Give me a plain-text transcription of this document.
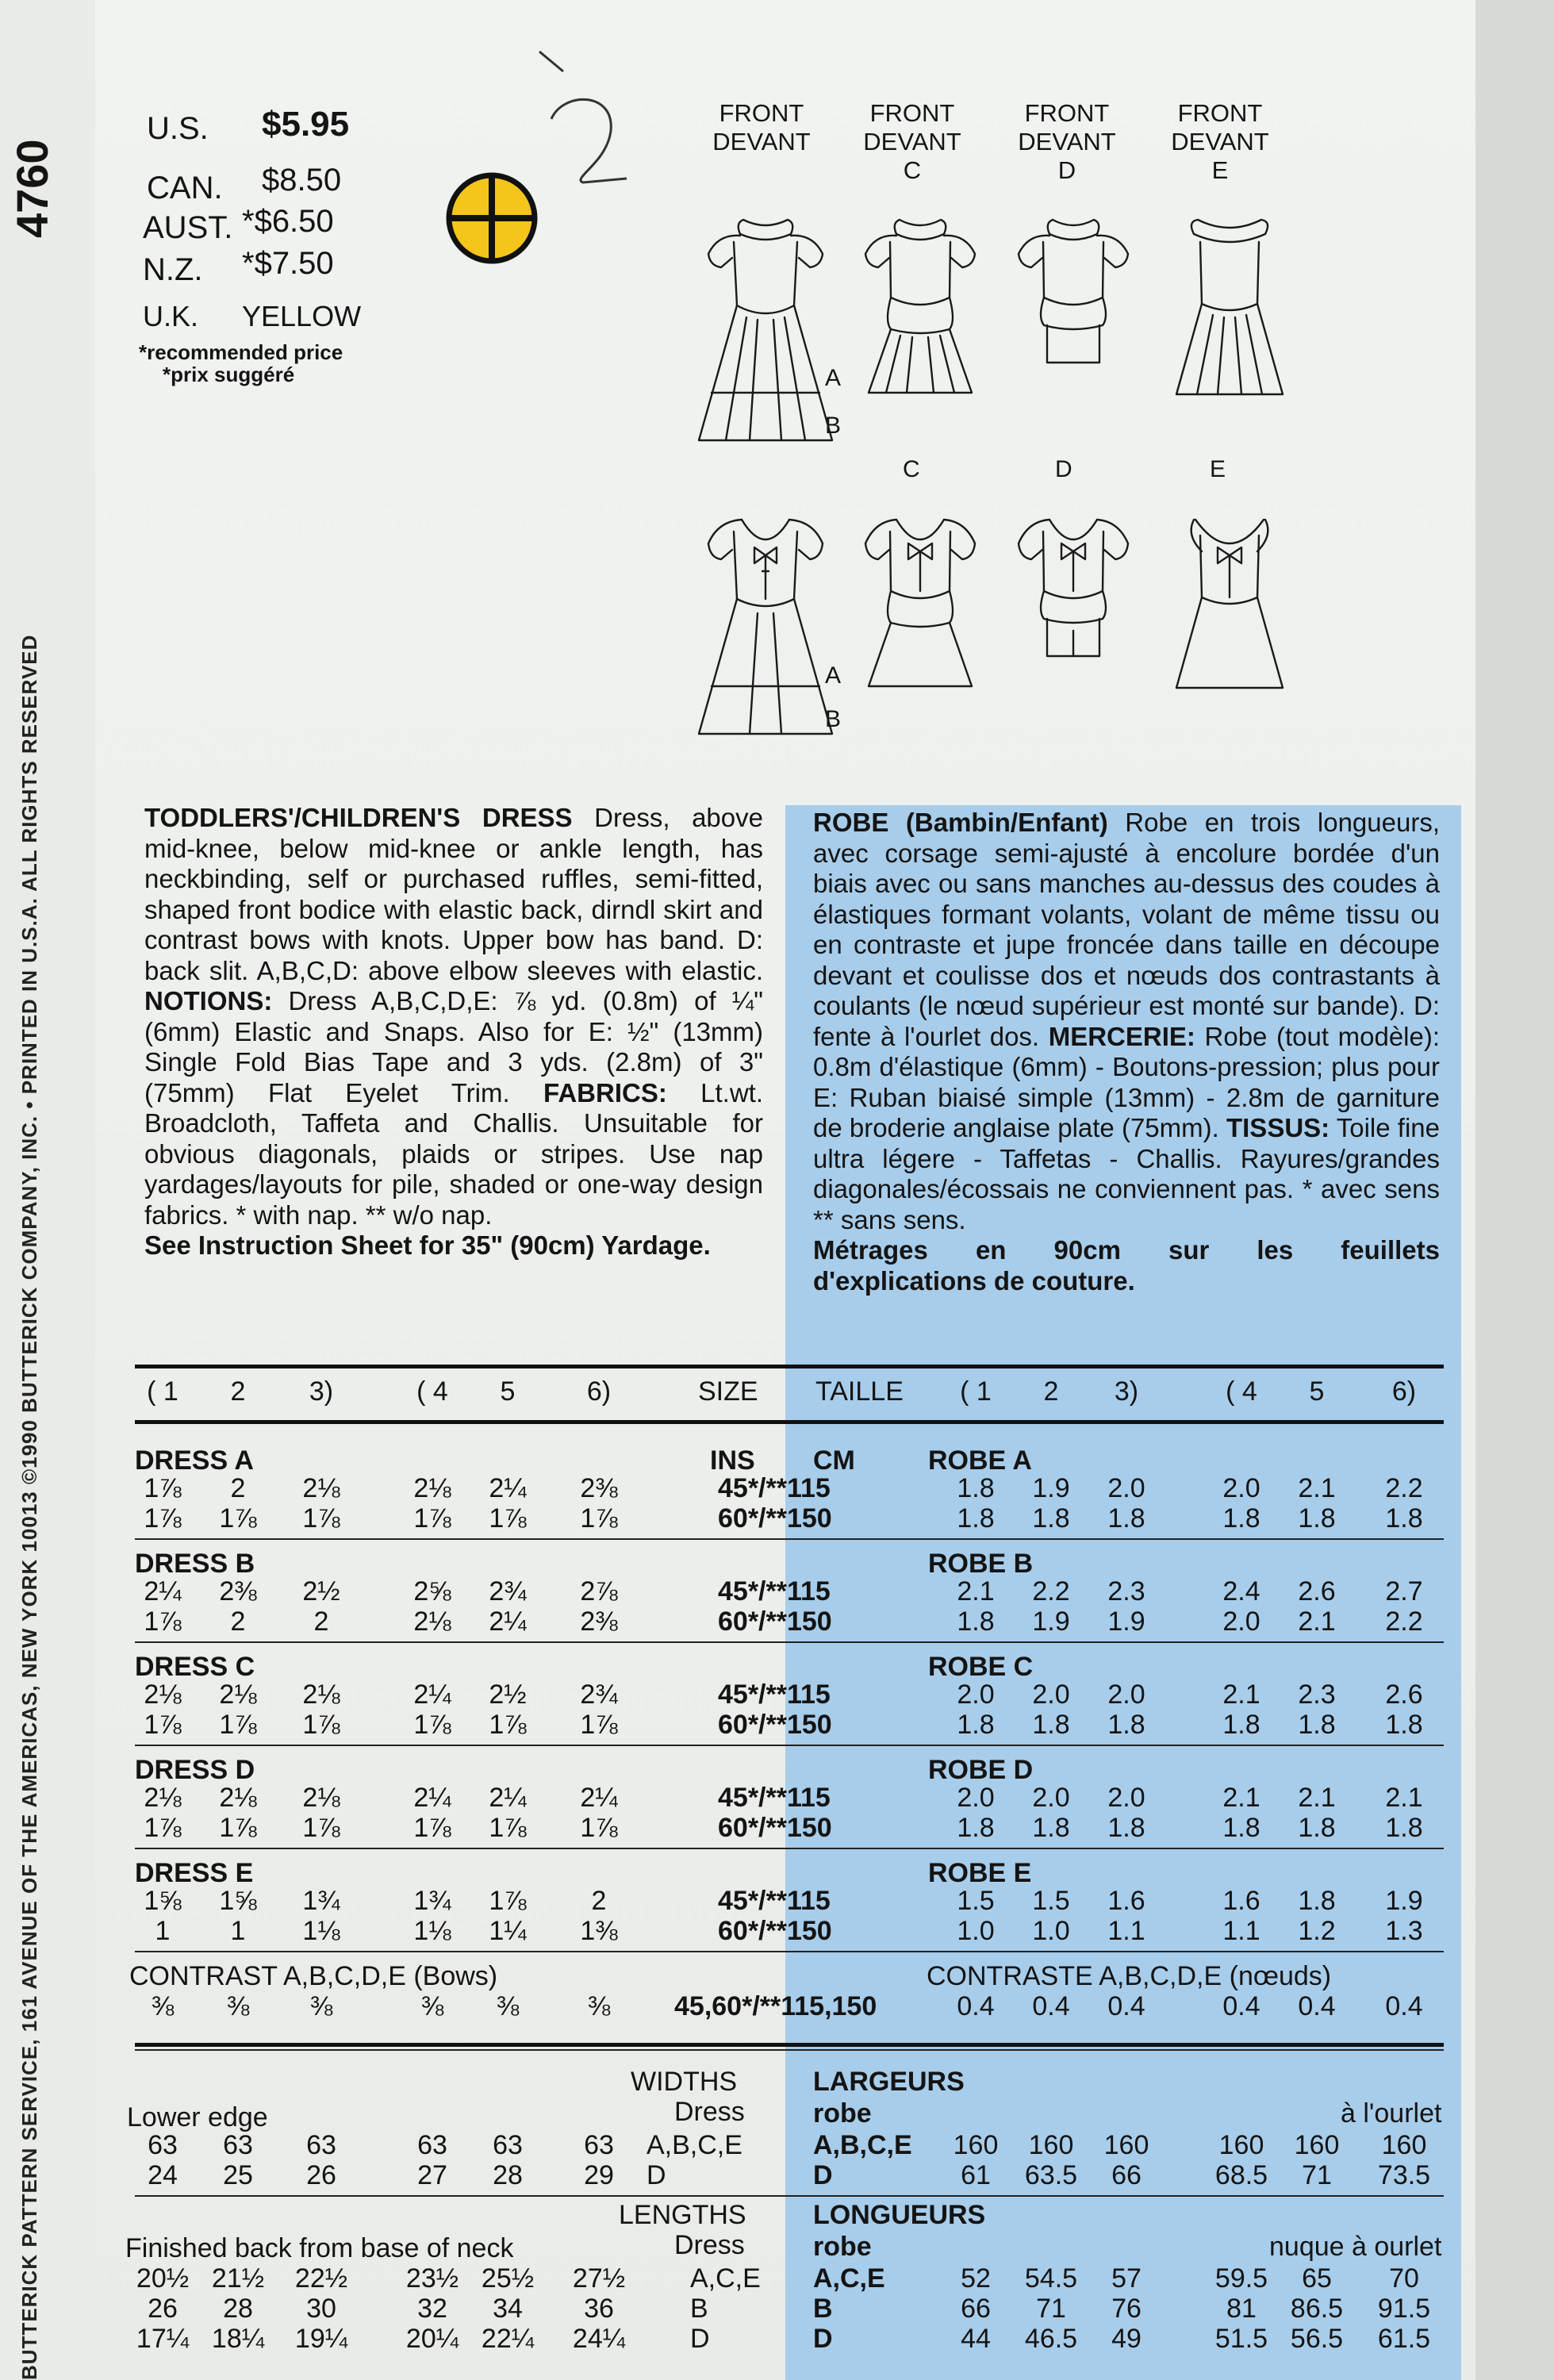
4760
BUTTERICK PATTERN SERVICE, 161 AVENUE OF THE AMERICAS, NEW YORK 10013 ©1990 BUTTERICK COMPANY, INC. • PRINTED IN U.S.A. ALL RIGHTS RESERVED
U.S. $5.95
CAN. $8.50
AUST. *$6.50
N.Z. *$7.50
U.K. YELLOW
*recommended price
*prix suggéré
FRONT
DEVANT
FRONT
DEVANT
C
FRONT
DEVANT
D
FRONT
DEVANT
E
A
B
C	D	E
A
B
TODDLERS'/CHILDREN'S DRESS Dress, above mid-knee, below mid-knee or ankle length, has neckbinding, self or purchased ruffles, semi-fitted, shaped front bodice with elastic back, dirndl skirt and contrast bows with knots. Upper bow has band. D: back slit. A,B,C,D: above elbow sleeves with elastic. NOTIONS: Dress A,B,C,D,E: ⅞ yd. (0.8m) of ¼" (6mm) Elastic and Snaps. Also for E: ½" (13mm) Single Fold Bias Tape and 3 yds. (2.8m) of 3" (75mm) Flat Eyelet Trim. FABRICS: Lt.wt. Broadcloth, Taffeta and Challis. Unsuitable for obvious diagonals, plaids or stripes. Use nap yardages/layouts for pile, shaded or one-way design fabrics. * with nap. ** w/o nap.
See Instruction Sheet for 35" (90cm) Yardage.
ROBE (Bambin/Enfant) Robe en trois longueurs, avec corsage semi-ajusté à encolure bordée d'un biais avec ou sans manches au-dessus des coudes à élastiques formant volants, volant de même tissu ou en contraste et jupe froncée dans taille en découpe devant et coulisse dos et nœuds dos contrastants à coulants (le nœud supérieur est monté sur bande). D: fente à l'ourlet dos. MERCERIE: Robe (tout modèle): 0.8m d'élastique (6mm) - Boutons-pression; plus pour E: Ruban biaisé simple (13mm) - 2.8m de garniture de broderie anglaise plate (75mm). TISSUS: Toile fine ultra légere - Taffetas - Challis. Rayures/grandes diagonales/écossais ne conviennent pas. * avec sens ** sans sens.
Métrages en 90cm sur les feuillets
d'explications de couture.
( 1	2	3)	( 4	5	6)	SIZE TAILLE	( 1	2	3)	( 4	5	6)
DRESS A	ROBE A
INS CM
1⅞	2	2⅛	2⅛	2¼	2⅜	45*/**115	1.8	1.9	2.0	2.0	2.1	2.2
1⅞	1⅞	1⅞	1⅞	1⅞	1⅞	60*/**150	1.8	1.8	1.8	1.8	1.8	1.8
DRESS B	ROBE B
2¼	2⅜	2½	2⅝	2¾	2⅞	45*/**115	2.1	2.2	2.3	2.4	2.6	2.7
1⅞	2	2	2⅛	2¼	2⅜	60*/**150	1.8	1.9	1.9	2.0	2.1	2.2
DRESS C	ROBE C
2⅛	2⅛	2⅛	2¼	2½	2¾	45*/**115	2.0	2.0	2.0	2.1	2.3	2.6
1⅞	1⅞	1⅞	1⅞	1⅞	1⅞	60*/**150	1.8	1.8	1.8	1.8	1.8	1.8
DRESS D	ROBE D
2⅛	2⅛	2⅛	2¼	2¼	2¼	45*/**115	2.0	2.0	2.0	2.1	2.1	2.1
1⅞	1⅞	1⅞	1⅞	1⅞	1⅞	60*/**150	1.8	1.8	1.8	1.8	1.8	1.8
DRESS E	ROBE E
1⅝	1⅝	1¾	1¾	1⅞	2	45*/**115	1.5	1.5	1.6	1.6	1.8	1.9
1	1	1⅛	1⅛	1¼	1⅜	60*/**150	1.0	1.0	1.1	1.1	1.2	1.3
CONTRAST A,B,C,D,E (Bows)	CONTRASTE A,B,C,D,E (nœuds)
⅜	⅜	⅜	⅜	⅜	⅜	45,60*/**115,150	0.4	0.4	0.4	0.4	0.4	0.4
WIDTHS	LARGEURS
Dress
Lower edge	robe	à l'ourlet
63	63	63	63	63	63	A,B,C,E	A,B,C,E	160	160	160	160	160	160
24	25	26	27	28	29	D	D	61	63.5	66	68.5	71	73.5
LENGTHS LONGUEURS
Finished back from base of neck	Dress	robe	nuque à ourlet
20½ 21½ 22½ 23½ 25½ 27½ A,C,E A,C,E	52	54.5	57	59.5	65	70
26	28	30	32	34	36	B	B	66	71	76	81	86.5 91.5
17¼ 18¼ 19¼ 20¼ 22¼ 24¼ D	D	44	46.5	49	51.5 56.5 61.5
